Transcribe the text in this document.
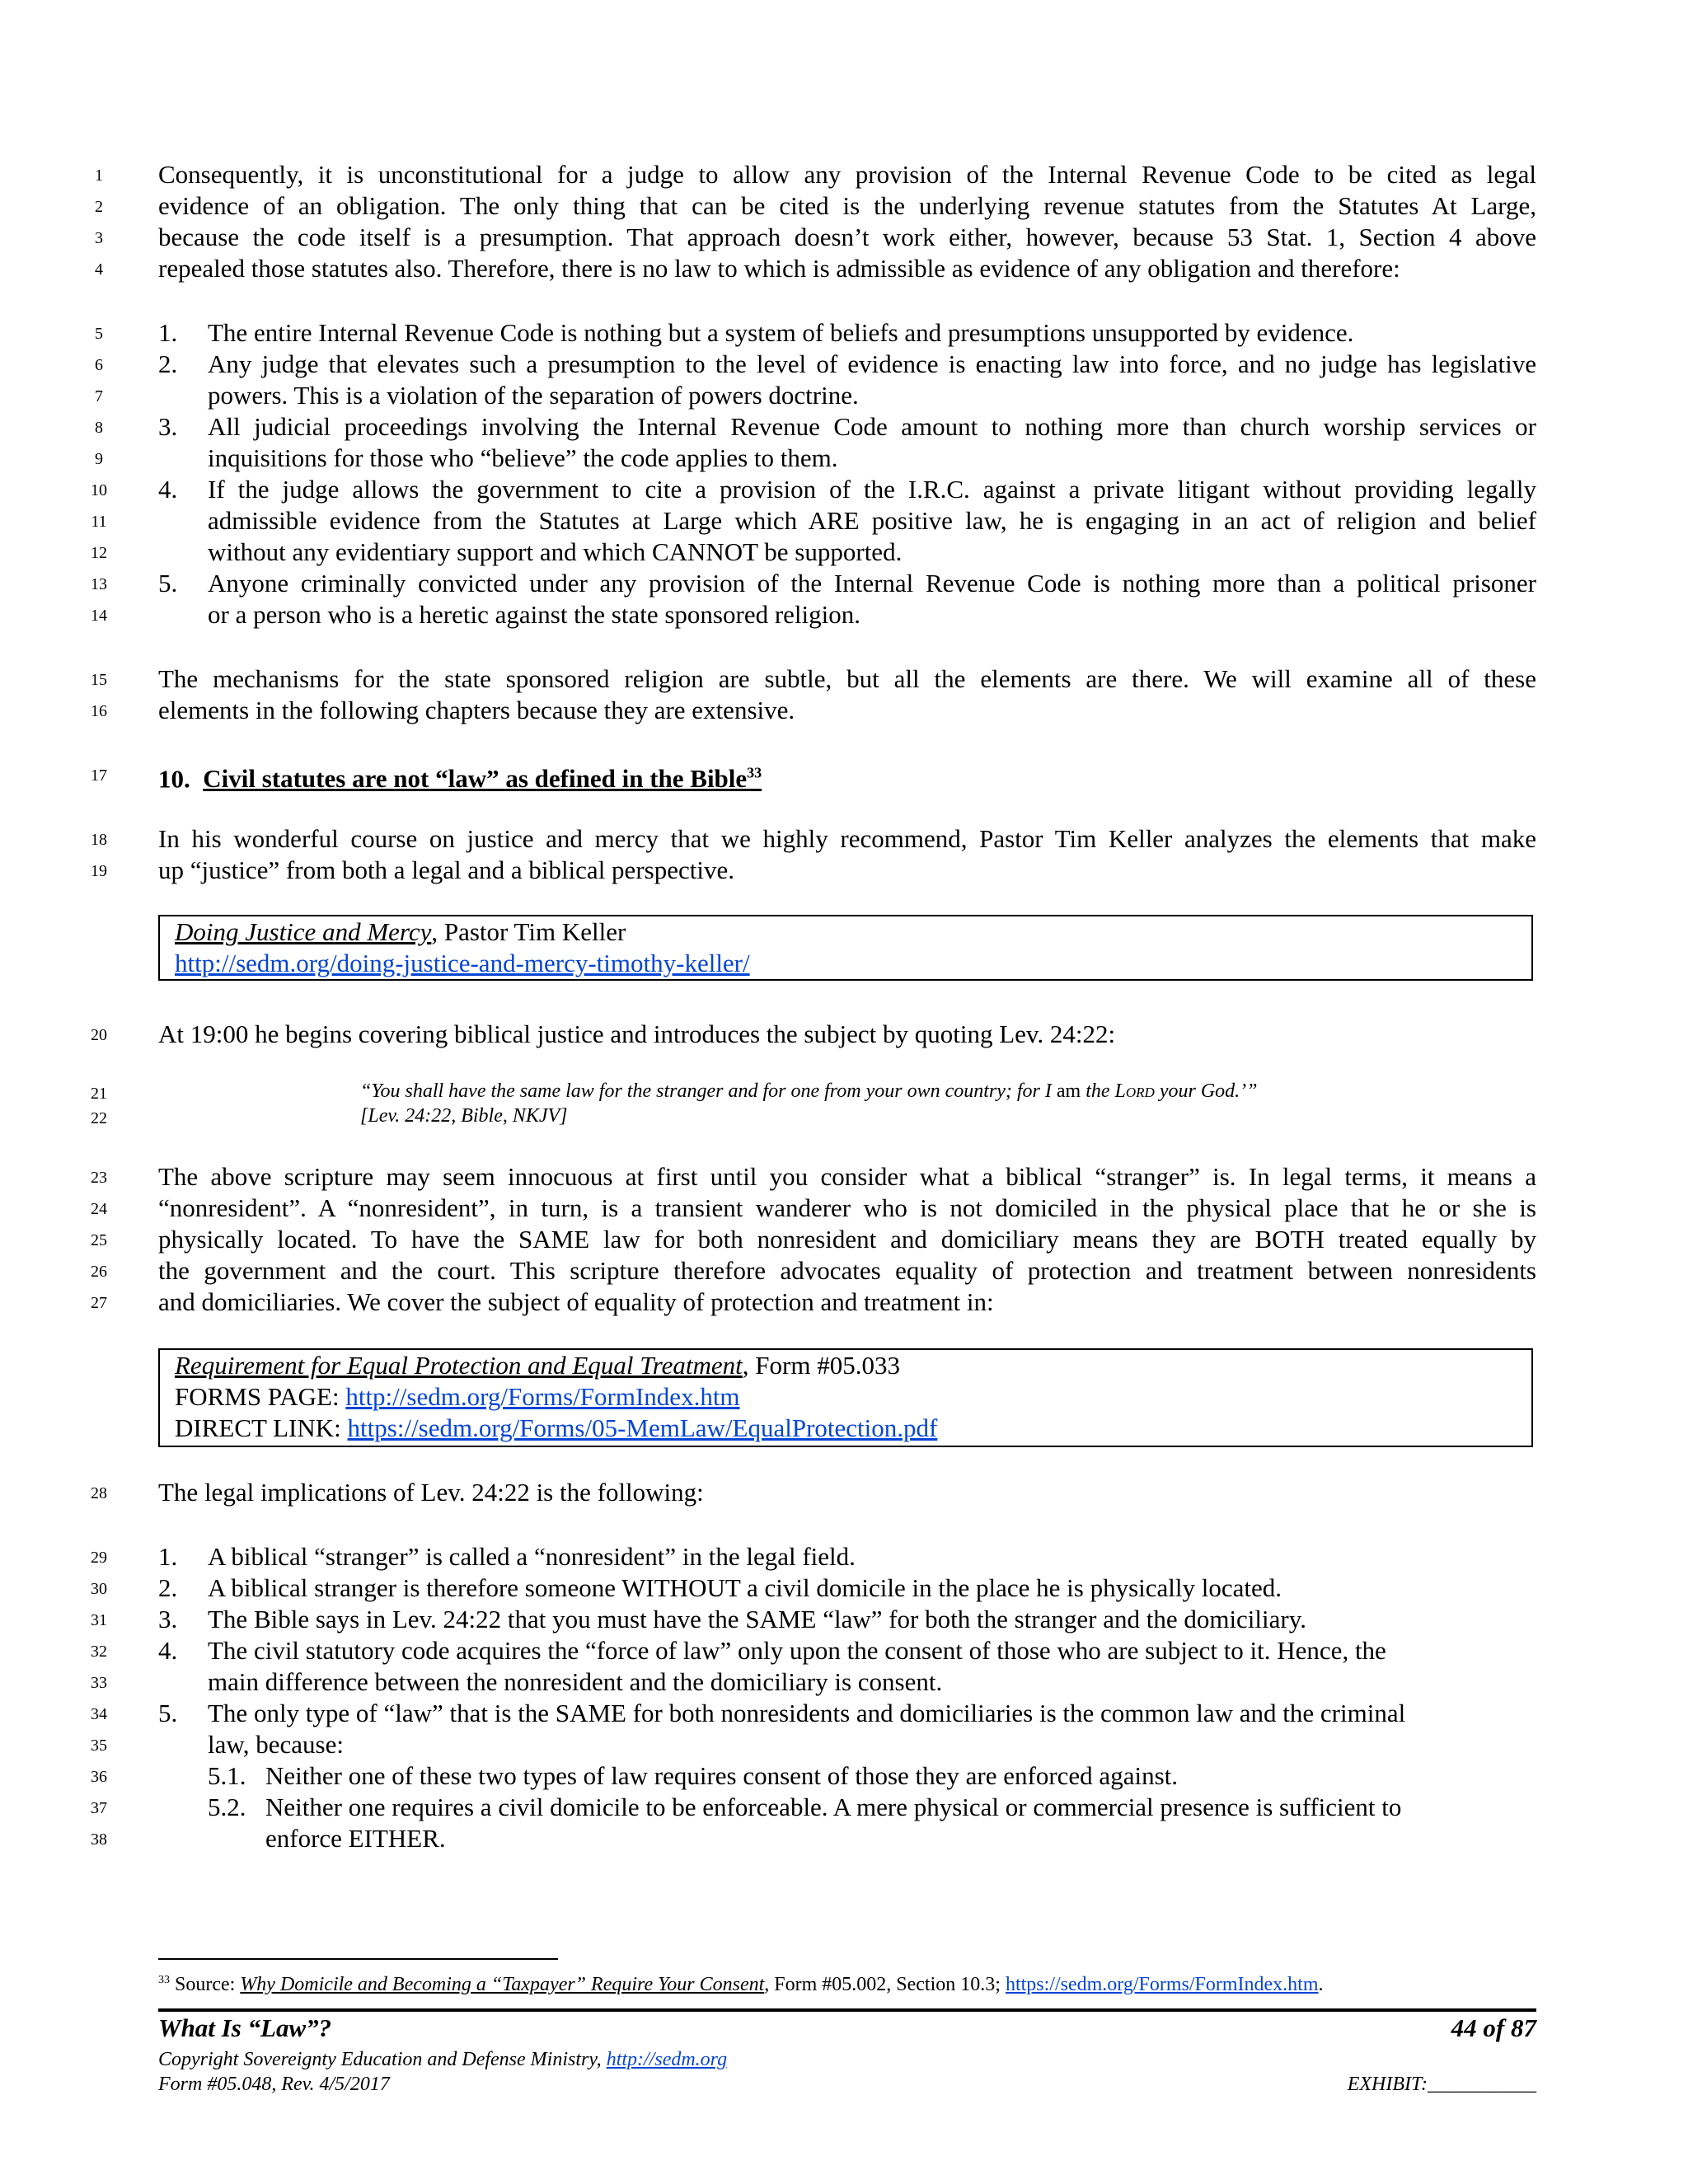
1
2
3
4
5
6
7
8
9
10
11
12
13
14
15
16
17
18
19
20
21
22
23
24
25
26
27
28
29
30
31
32
33
34
35
36
37
38
Consequently, it is unconstitutional for a judge to allow any provision of the Internal Revenue Code to be cited as legal
evidence of an obligation. The only thing that can be cited is the underlying revenue statutes from the Statutes At Large,
because the code itself is a presumption. That approach doesn’t work either, however, because 53 Stat. 1, Section 4 above
repealed those statutes also. Therefore, there is no law to which is admissible as evidence of any obligation and therefore:
1. The entire Internal Revenue Code is nothing but a system of beliefs and presumptions unsupported by evidence.
2. Any judge that elevates such a presumption to the level of evidence is enacting law into force, and no judge has legislative
powers. This is a violation of the separation of powers doctrine.
3. All judicial proceedings involving the Internal Revenue Code amount to nothing more than church worship services or
inquisitions for those who “believe” the code applies to them.
4. If the judge allows the government to cite a provision of the I.R.C. against a private litigant without providing legally
admissible evidence from the Statutes at Large which ARE positive law, he is engaging in an act of religion and belief
without any evidentiary support and which CANNOT be supported.
5. Anyone criminally convicted under any provision of the Internal Revenue Code is nothing more than a political prisoner
or a person who is a heretic against the state sponsored religion.
The mechanisms for the state sponsored religion are subtle, but all the elements are there. We will examine all of these
elements in the following chapters because they are extensive.
10. Civil statutes are not “law” as defined in the Bible$^{33}$
In his wonderful course on justice and mercy that we highly recommend, Pastor Tim Keller analyzes the elements that make
up “justice” from both a legal and a biblical perspective.
Doing Justice and Mercy, Pastor Tim Keller
http://sedm.org/doing-justice-and-mercy-timothy-keller/
At 19:00 he begins covering biblical justice and introduces the subject by quoting Lev. 24:22:
“You shall have the same law for the stranger and for one from your own country; for I am the Lord your God.’”
[Lev. 24:22, Bible, NKJV]
The above scripture may seem innocuous at first until you consider what a biblical “stranger” is. In legal terms, it means a
“nonresident”. A “nonresident”, in turn, is a transient wanderer who is not domiciled in the physical place that he or she is
physically located. To have the SAME law for both nonresident and domiciliary means they are BOTH treated equally by
the government and the court. This scripture therefore advocates equality of protection and treatment between nonresidents
and domiciliaries. We cover the subject of equality of protection and treatment in:
Requirement for Equal Protection and Equal Treatment, Form #05.033
FORMS PAGE: http://sedm.org/Forms/FormIndex.htm
DIRECT LINK: https://sedm.org/Forms/05-MemLaw/EqualProtection.pdf
The legal implications of Lev. 24:22 is the following:
1. A biblical “stranger” is called a “nonresident” in the legal field.
2. A biblical stranger is therefore someone WITHOUT a civil domicile in the place he is physically located.
3. The Bible says in Lev. 24:22 that you must have the SAME “law” for both the stranger and the domiciliary.
4. The civil statutory code acquires the “force of law” only upon the consent of those who are subject to it. Hence, the
main difference between the nonresident and the domiciliary is consent.
5. The only type of “law” that is the SAME for both nonresidents and domiciliaries is the common law and the criminal
law, because:
5.1. Neither one of these two types of law requires consent of those they are enforced against.
5.2. Neither one requires a civil domicile to be enforceable. A mere physical or commercial presence is sufficient to
enforce EITHER.
$^{33}$ Source: Why Domicile and Becoming a “Taxpayer” Require Your Consent, Form #05.002, Section 10.3; https://sedm.org/Forms/FormIndex.htm.
What Is “Law”?	44 of 87
Copyright Sovereignty Education and Defense Ministry, http://sedm.org
Form #05.048, Rev. 4/5/2017	EXHIBIT:___________
